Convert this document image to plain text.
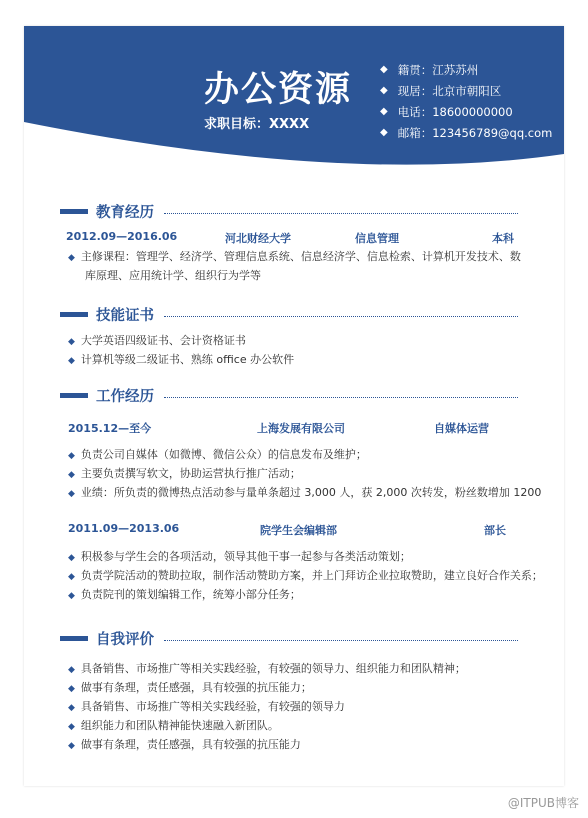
办公资源
求职目标：XXXX
◆ 籍贯：江苏苏州
◆ 现居：北京市朝阳区
◆ 电话：18600000000
◆ 邮箱：123456789@qq.com
教育经历
2012.09—2016.06	河北财经大学	信息管理	本科
◆ 主修课程：管理学、经济学、管理信息系统、信息经济学、信息检索、计算机开发技术、数
库原理、应用统计学、组织行为学等
技能证书
◆ 大学英语四级证书、会计资格证书
◆ 计算机等级二级证书、熟练 office 办公软件
工作经历
2015.12—至今	上海发展有限公司	自媒体运营
◆ 负责公司自媒体（如微博、微信公众）的信息发布及维护；
◆ 主要负责撰写软文，协助运营执行推广活动；
◆ 业绩：所负责的微博热点活动参与量单条超过 3,000 人，获 2,000 次转发，粉丝数增加 1200
2011.09—2013.06	院学生会编辑部	部长
◆ 积极参与学生会的各项活动，领导其他干事一起参与各类活动策划；
◆ 负责学院活动的赞助拉取，制作活动赞助方案，并上门拜访企业拉取赞助，建立良好合作关系；
◆ 负责院刊的策划编辑工作，统筹小部分任务；
自我评价
◆ 具备销售、市场推广等相关实践经验，有较强的领导力、组织能力和团队精神；
◆ 做事有条理，责任感强，具有较强的抗压能力；
◆ 具备销售、市场推广等相关实践经验，有较强的领导力
◆ 组织能力和团队精神能快速融入新团队。
◆ 做事有条理，责任感强，具有较强的抗压能力
@ITPUB博客
